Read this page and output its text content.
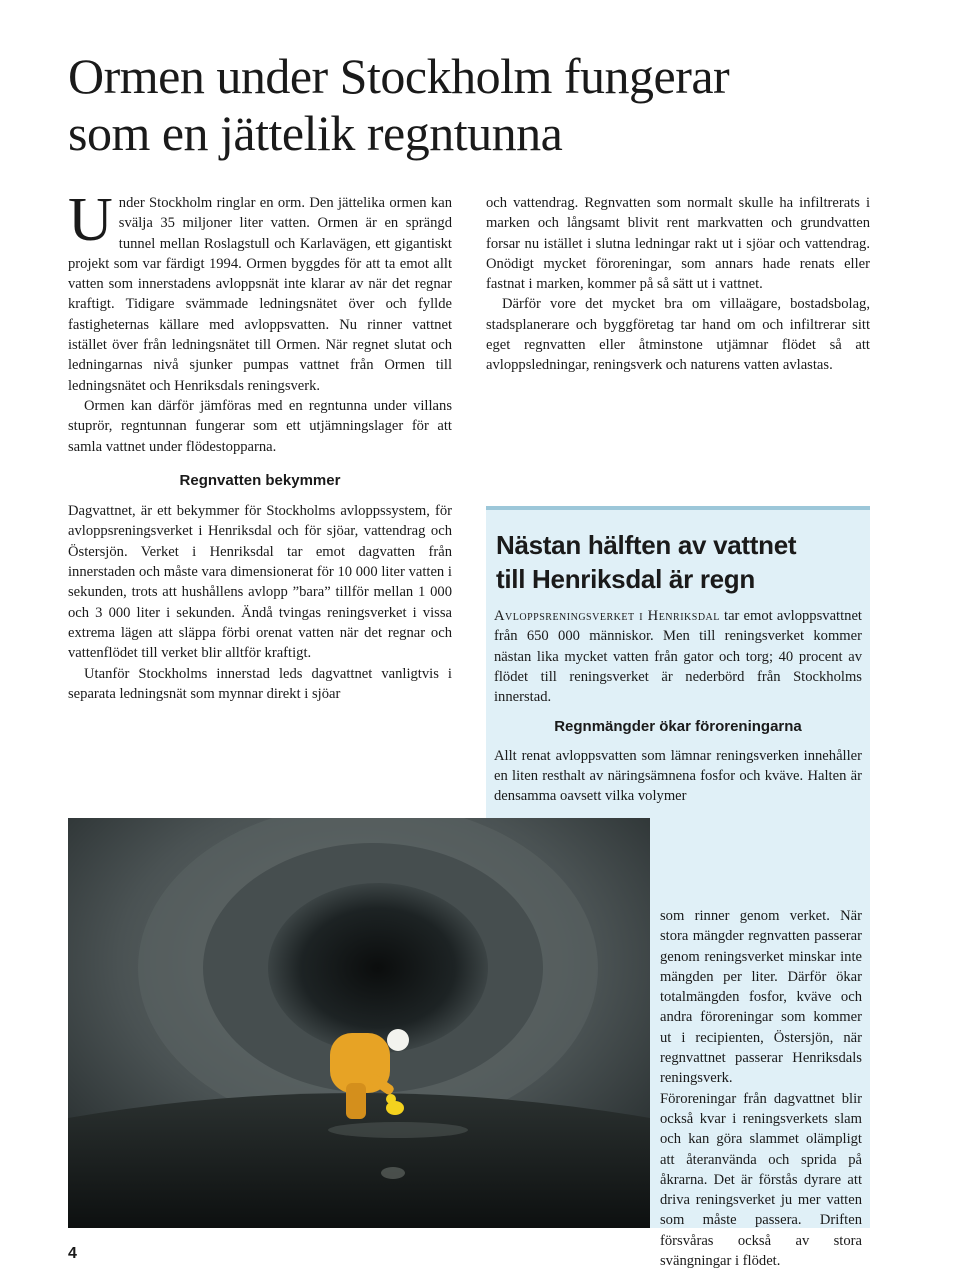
Ormen under Stockholm fungerar
som en jättelik regntunna

Under Stockholm ringlar en orm. Den jättelika ormen kan svälja 35 miljoner liter vatten. Ormen är en sprängd tunnel mellan Roslagstull och Karlavägen, ett gigantiskt projekt som var färdigt 1994. Ormen byggdes för att ta emot allt vatten som innerstadens avloppsnät inte klarar av när det regnar kraftigt. Tidigare svämmade ledningsnätet över och fyllde fastigheternas källare med avloppsvatten. Nu rinner vattnet istället över från ledningsnätet till Ormen. När regnet slutat och ledningarnas nivå sjunker pumpas vattnet från Ormen till ledningsnätet och Henriksdals reningsverk.

Ormen kan därför jämföras med en regntunna under villans stuprör, regntunnan fungerar som ett utjämningslager för att samla vattnet under flödestopparna.

Regnvatten bekymmer

Dagvattnet, är ett bekymmer för Stockholms avloppssystem, för avloppsreningsverket i Henriksdal och för sjöar, vattendrag och Östersjön. Verket i Henriksdal tar emot dagvatten från innerstaden och måste vara dimensionerat för 10 000 liter vatten i sekunden, trots att hushållens avlopp ”bara” tillför mellan 1 000 och 3 000 liter i sekunden. Ändå tvingas reningsverket i vissa extrema lägen att släppa förbi orenat vatten när det regnar och vattenflödet till verket blir alltför kraftigt.

Utanför Stockholms innerstad leds dagvattnet vanligtvis i separata ledningsnät som mynnar direkt i sjöar

och vattendrag. Regnvatten som normalt skulle ha infiltrerats i marken och långsamt blivit rent markvatten och grundvatten forsar nu istället i slutna ledningar rakt ut i sjöar och vattendrag. Onödigt mycket föroreningar, som annars hade renats eller fastnat i marken, kommer på så sätt ut i vattnet.

Därför vore det mycket bra om villaägare, bostadsbolag, stadsplanerare och byggföretag tar hand om och infiltrerar sitt eget regnvatten eller åtminstone utjämnar flödet så att avloppsledningar, reningsverk och naturens vatten avlastas.

Nästan hälften av vattnet
till Henriksdal är regn

Avloppsreningsverket i Henriksdal tar emot avloppsvattnet från 650 000 människor. Men till reningsverket kommer nästan lika mycket vatten från gator och torg; 40 procent av flödet till reningsverket är nederbörd från Stockholms innerstad.

Regnmängder ökar föroreningarna

Allt renat avloppsvatten som lämnar reningsverken innehåller en liten resthalt av näringsämnena fosfor och kväve. Halten är densamma oavsett vilka volymer

som rinner genom verket. När stora mängder regnvatten passerar genom reningsverket minskar inte mängden per liter. Därför ökar totalmängden fosfor, kväve och andra föroreningar som kommer ut i recipienten, Östersjön, när regnvattnet passerar Henriksdals reningsverk.

Föroreningar från dagvattnet blir också kvar i reningsverkets slam och kan göra slammet olämpligt att återanvända och sprida på åkrarna. Det är förstås dyrare att driva reningsverket ju mer vatten som måste passera. Driften försvåras också av stora svängningar i flödet.

4
